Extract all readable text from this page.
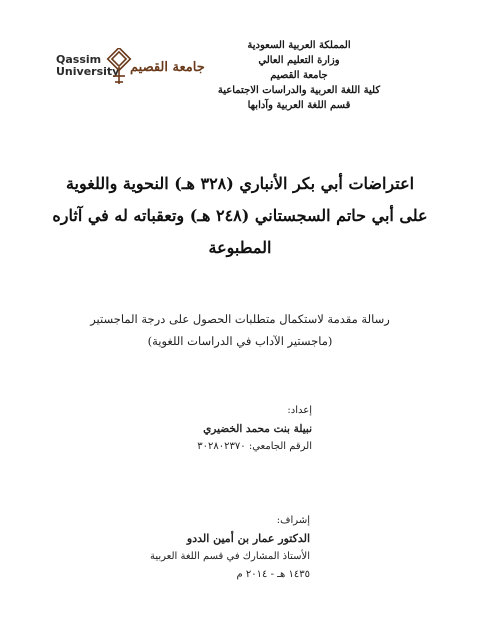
المملكة العربية السعودية
وزارة التعليم العالي
جامعة القصيم
كلية اللغة العربية والدراسات الاجتماعية
قسم اللغة العربية وآدابها
Qassim
University جامعة القصيم
اعتراضات أبي بكر الأنباري (٣٢٨ هـ) النحوية واللغوية
على أبي حاتم السجستاني (٢٤٨ هـ) وتعقباته له في آثاره
المطبوعة
رسالة مقدمة لاستكمال متطلبات الحصول على درجة الماجستير
(ماجستير الآداب في الدراسات اللغوية)
إعداد:
نبيلة بنت محمد الخضيري
الرقم الجامعي: ٣٠٢٨٠٢٣٧٠
إشراف:
الدكتور عمار بن أمين الددو
الأستاذ المشارك في قسم اللغة العربية
١٤٣٥ هـ - ٢٠١٤ م
